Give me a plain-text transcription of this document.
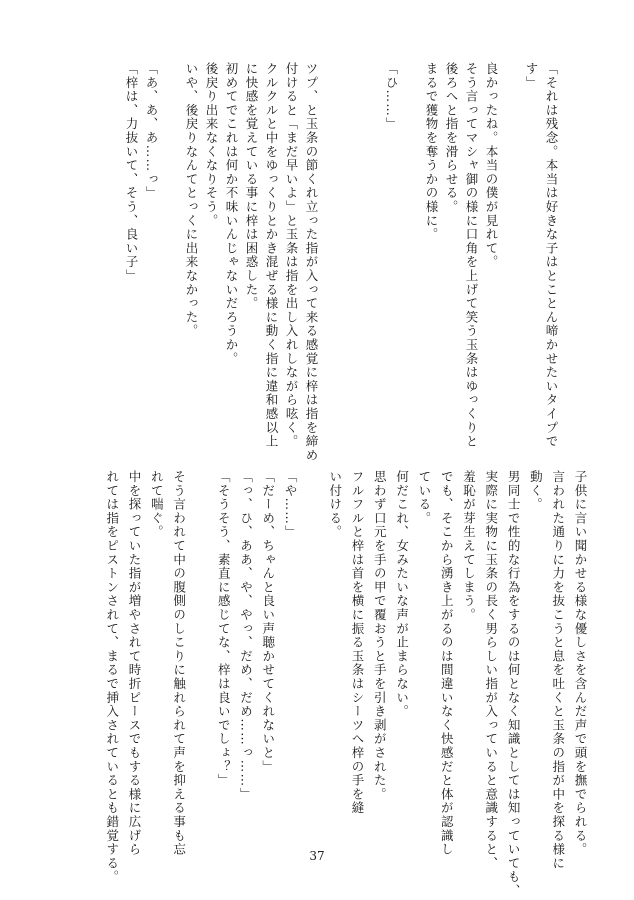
「それは残念。本当は好きな子はとことん啼かせたいタイプで
す」
良かったね。本当の僕が見れて。
そう言ってマシャ御の様に口角を上げて笑う玉条はゆっくりと
後ろへと指を滑らせる。
まるで獲物を奪うかの様に。
「ひ……」
ツプ、と玉条の節くれ立った指が入って来る感覚に梓は指を締め
付けると「まだ早いよ」と玉条は指を出し入れしながら呟く。
クルクルと中をゆっくりとかき混ぜる様に動く指に違和感以上
に快感を覚えている事に梓は困惑した。
初めてでこれは何か不味いんじゃないだろうか。
後戻り出来なくなりそう。
いや、後戻りなんてとっくに出来なかった。
「あ、あ、あ……っ」
「梓は、力抜いて、そう、良い子」
子供に言い聞かせる様な優しさを含んだ声で頭を撫でられる。
言われた通りに力を抜こうと息を吐くと玉条の指が中を探る様に
動く。
男同士で性的な行為をするのは何となく知識としては知っていても、
実際に実物に玉条の長く男らしい指が入っていると意識すると、
羞恥が芽生えてしまう。
でも、そこから湧き上がるのは間違いなく快感だと体が認識し
ている。
何だこれ、女みたいな声が止まらない。
思わず口元を手の甲で覆おうと手を引き剥がされた。
フルフルと梓は首を横に振る玉条はシーツへ梓の手を縫
い付ける。
「や……」
「だーめ、ちゃんと良い声聴かせてくれないと」
「っ、ひ、ああ、や、やっ、だめ、だめ……っ……」
「そうそう、素直に感じてな、梓は良いでしょ？」
そう言われて中の腹側のしこりに触れられて声を抑える事も忘
れて喘ぐ。
中を探っていた指が増やされて時折ピースでもする様に広げら
れては指をピストンされて、まるで挿入されているとも錯覚する。	37
